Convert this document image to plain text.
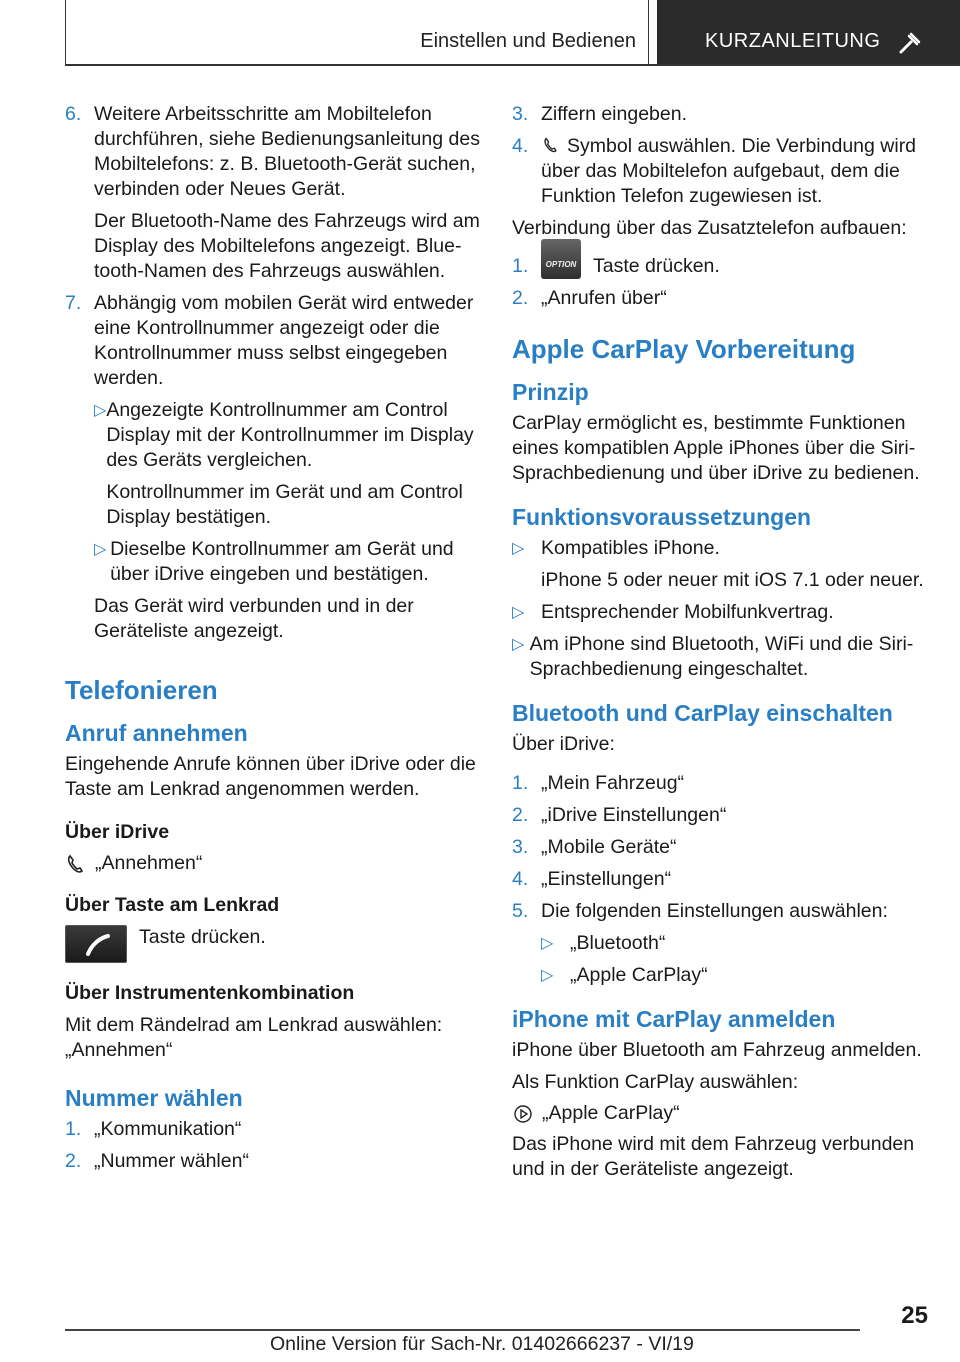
Einstellen und Bedienen	KURZANLEITUNG
6. Weitere Arbeitsschritte am Mobiltelefon durchführen, siehe Bedienungsanleitung des Mobiltelefons: z. B. Bluetooth-Gerät suchen, verbinden oder Neues Gerät.

Der Bluetooth-Name des Fahrzeugs wird am Display des Mobiltelefons angezeigt. Bluetooth-Namen des Fahrzeugs auswählen.

7. Abhängig vom mobilen Gerät wird entweder eine Kontrollnummer angezeigt oder die Kontrollnummer muss selbst eingegeben werden.

▷ Angezeigte Kontrollnummer am Control Display mit der Kontrollnummer im Display des Geräts vergleichen.

Kontrollnummer im Gerät und am Control Display bestätigen.

▷ Dieselbe Kontrollnummer am Gerät und über iDrive eingeben und bestätigen.

Das Gerät wird verbunden und in der Geräteliste angezeigt.

Telefonieren
Anruf annehmen

Eingehende Anrufe können über iDrive oder die Taste am Lenkrad angenommen werden.

Über iDrive
„Annehmen“
Über Taste am Lenkrad
Taste drücken.
Über Instrumentenkombination

Mit dem Rändelrad am Lenkrad auswählen:

„Annehmen“

Nummer wählen
1. „Kommunikation“

2. „Nummer wählen“

3. Ziffern eingeben.

4.	Symbol auswählen. Die Verbindung wird über das Mobiltelefon aufgebaut, dem die Funktion Telefon zugewiesen ist.

Verbindung über das Zusatztelefon aufbauen:

1.	OPTION Taste drücken.
2. „Anrufen über“

Apple CarPlay Vorbereitung
Prinzip

CarPlay ermöglicht es, bestimmte Funktionen eines kompatiblen Apple iPhones über die Siri-Sprachbedienung und über iDrive zu bedienen.

Funktionsvoraussetzungen
▷ Kompatibles iPhone.

iPhone 5 oder neuer mit iOS 7.1 oder neuer.

▷ Entsprechender Mobilfunkvertrag.

▷ Am iPhone sind Bluetooth, WiFi und die Siri-Sprachbedienung eingeschaltet.

Bluetooth und CarPlay einschalten

Über iDrive:

1. „Mein Fahrzeug“

2. „iDrive Einstellungen“

3. „Mobile Geräte“

4. „Einstellungen“

5. Die folgenden Einstellungen auswählen:

▷ „Bluetooth“

▷ „Apple CarPlay“

iPhone mit CarPlay anmelden

iPhone über Bluetooth am Fahrzeug anmelden.

Als Funktion CarPlay auswählen:

„Apple CarPlay“

Das iPhone wird mit dem Fahrzeug verbunden und in der Geräteliste angezeigt.

25
Online Version für Sach-Nr. 01402666237 - VI/19
